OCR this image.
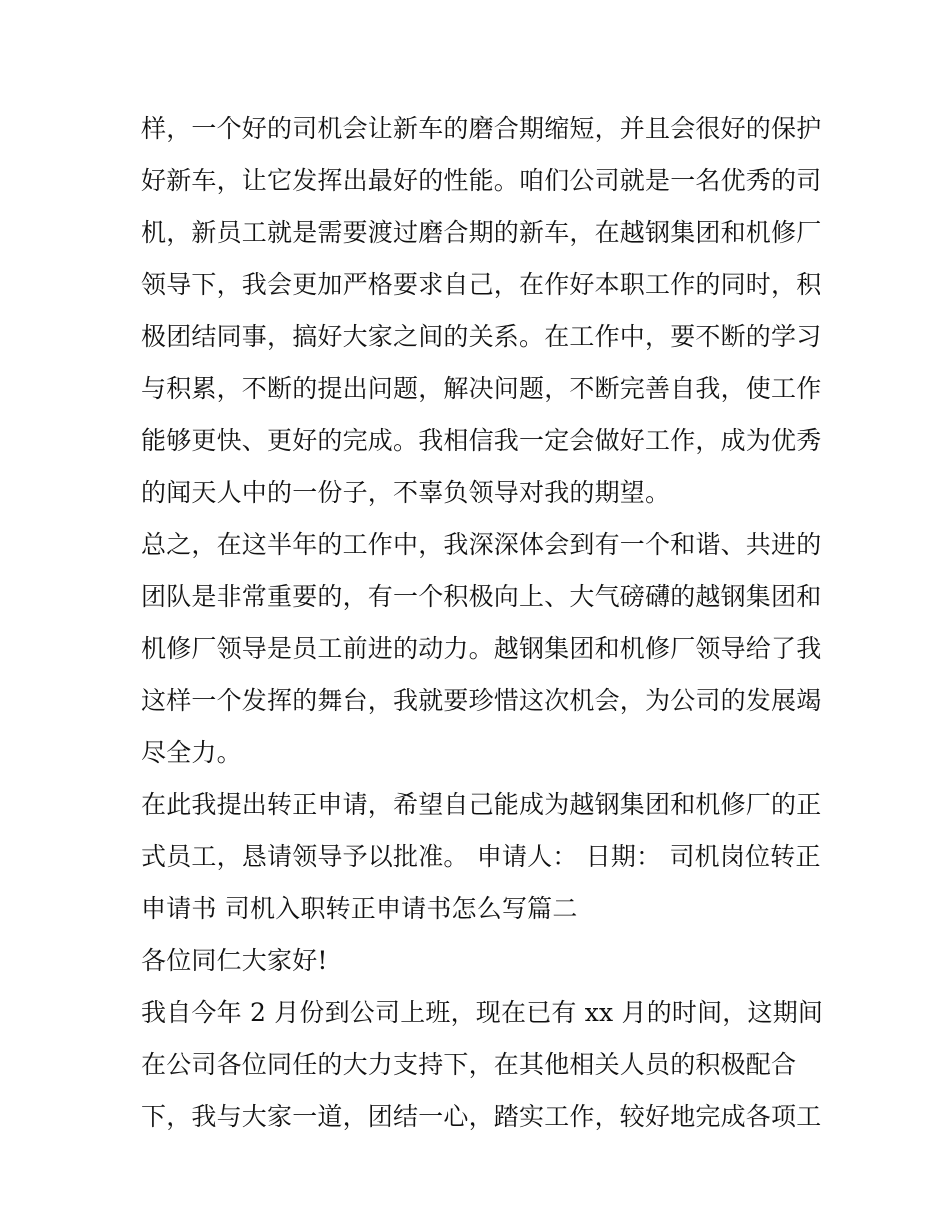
样，一个好的司机会让新车的磨合期缩短，并且会很好的保护
好新车，让它发挥出最好的性能。咱们公司就是一名优秀的司
机，新员工就是需要渡过磨合期的新车，在越钢集团和机修厂
领导下，我会更加严格要求自己，在作好本职工作的同时，积
极团结同事，搞好大家之间的关系。在工作中，要不断的学习
与积累，不断的提出问题，解决问题，不断完善自我，使工作
能够更快、更好的完成。我相信我一定会做好工作，成为优秀
的闻天人中的一份子，不辜负领导对我的期望。
总之，在这半年的工作中，我深深体会到有一个和谐、共进的
团队是非常重要的，有一个积极向上、大气磅礴的越钢集团和
机修厂领导是员工前进的动力。越钢集团和机修厂领导给了我
这样一个发挥的舞台，我就要珍惜这次机会，为公司的发展竭
尽全力。
在此我提出转正申请，希望自己能成为越钢集团和机修厂的正
式员工，恳请领导予以批准。 申请人： 日期： 司机岗位转正
申请书 司机入职转正申请书怎么写篇二
各位同仁大家好!
我自今年 2 月份到公司上班，现在已有 xx 月的时间，这期间
在公司各位同任的大力支持下，在其他相关人员的积极配合
下，我与大家一道，团结一心，踏实工作，较好地完成各项工
